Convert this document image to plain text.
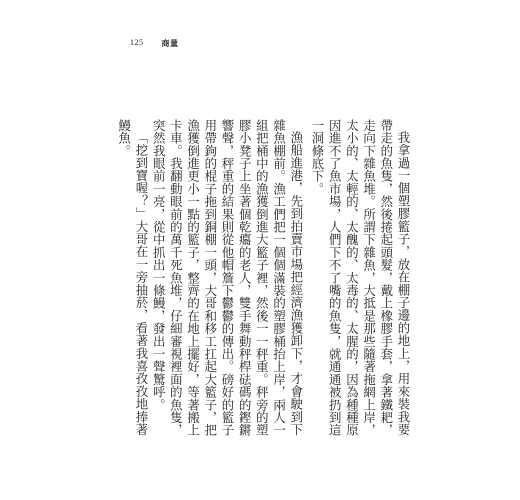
125 商量

我拿過一個塑膠籃子，放在棚子邊的地上，用來裝我要帶走的魚隻，然後捲起頭髮，戴上橡膠手套，拿著鐵耙，走向下雜魚堆。所謂下雜魚，大抵是那些隨著拖網上岸，太小的、太輕的、太醜的、太毒的、太腥的，因為種種原因進不了魚市場，人們下不了嘴的魚隻，就通通被扔到這一洞條底下。

漁船進港，先到拍賣市場把經濟漁獲卸下，才會駛到下雜魚棚前。漁工們把一個個滿裝的塑膠桶抬上岸，兩人一組把桶中的漁獲倒進大籃子裡，然後一一秤重。秤旁的塑膠小凳子上坐著個乾癟的老人，雙手舞動秤桿砝碼的鏗鏘響聲，秤重的結果則從他帽簷下鬱鬱的傳出。磅好的籃子用帶鉤的棍子拖到銅棚一頭，大哥和移工扛起大籃子，把漁獲倒進更小一點的籃子，整齊的在地上擺好，等著搬上卡車。我翻動眼前的萬千死魚堆，仔細審視裡面的魚隻，突然我眼前一亮，從中抓出一條鰻，發出一聲驚呼。

「挖到寶喔？」大哥在一旁抽菸，看著我喜孜孜地捧著鰻魚。
